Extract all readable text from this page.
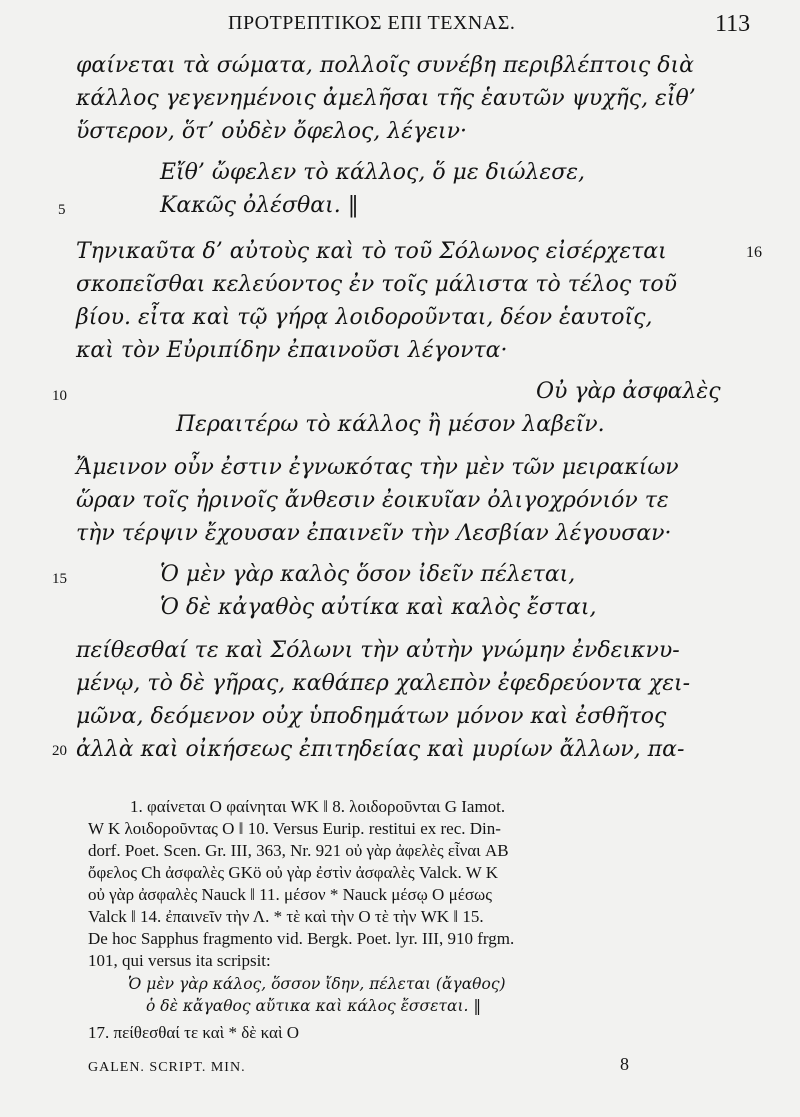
ΠΡΟΤΡΕΠΤΙΚΟΣ ΕΠΙ ΤΕΧΝΑΣ.	113
φαίνεται τὰ σώματα, πολλοῖς συνέβη περιβλέπτοις διὰ
κάλλος γεγενημένοις ἀμελῆσαι τῆς ἑαυτῶν ψυχῆς, εἶθ’
ὕστερον, ὅτ’ οὐδὲν ὄφελος, λέγειν·
Εἴθ’ ὤφελεν τὸ κάλλος, ὅ με διώλεσε,
Κακῶς ὀλέσθαι. ‖
Τηνικαῦτα δ’ αὐτοὺς καὶ τὸ τοῦ Σόλωνος εἰσέρχεται
σκοπεῖσθαι κελεύοντος ἐν τοῖς μάλιστα τὸ τέλος τοῦ
βίου. εἶτα καὶ τῷ γήρᾳ λοιδοροῦνται, δέον ἑαυτοῖς,
καὶ τὸν Εὐριπίδην ἐπαινοῦσι λέγοντα·
Οὐ γὰρ ἀσφαλὲς
Περαιτέρω τὸ κάλλος ἢ μέσον λαβεῖν.
Ἄμεινον οὖν ἐστιν ἐγνωκότας τὴν μὲν τῶν μειρακίων
ὥραν τοῖς ἠρινοῖς ἄνθεσιν ἐοικυῖαν ὀλιγοχρόνιόν τε
τὴν τέρψιν ἔχουσαν ἐπαινεῖν τὴν Λεσβίαν λέγουσαν·
Ὁ μὲν γὰρ καλὸς ὅσον ἰδεῖν πέλεται,
Ὁ δὲ κἀγαθὸς αὐτίκα καὶ καλὸς ἔσται,
πείθεσθαί τε καὶ Σόλωνι τὴν αὐτὴν γνώμην ἐνδεικνυ-
μένῳ, τὸ δὲ γῆρας, καθάπερ χαλεπὸν ἐφεδρεύοντα χει-
μῶνα, δεόμενον οὐχ ὑποδημάτων μόνον καὶ ἐσθῆτος
ἀλλὰ καὶ οἰκήσεως ἐπιτηδείας καὶ μυρίων ἄλλων, πα-
5
10
15
20
16
1. φαίνεται O φαίνηται WK ‖ 8. λοιδοροῦνται G Iamot.
W K λοιδοροῦντας O ‖ 10. Versus Eurip. restitui ex rec. Din-
dorf. Poet. Scen. Gr. III, 363, Nr. 921 οὐ γὰρ ἀφελὲς εἶναι AB
ὄφελος Ch ἀσφαλὲς GKö οὐ γὰρ ἐστὶν ἀσφαλὲς Valck. W K
οὐ γὰρ ἀσφαλὲς Nauck ‖ 11. μέσον * Nauck μέσῳ O μέσως
Valck ‖ 14. ἐπαινεῖν τὴν Λ. * τὲ καὶ τὴν O τὲ τὴν WK ‖ 15.
De hoc Sapphus fragmento vid. Bergk. Poet. lyr. III, 910 frgm.
101, qui versus ita scripsit:
Ὁ μὲν γὰρ κάλος, ὅσσον ἴδην, πέλεται (ἄγαθος)
ὁ δὲ κἄγαθος αὔτικα καὶ κάλος ἔσσεται. ‖
17. πείθεσθαί τε καὶ * δὲ καὶ O
GALEN. SCRIPT. MIN.	8
